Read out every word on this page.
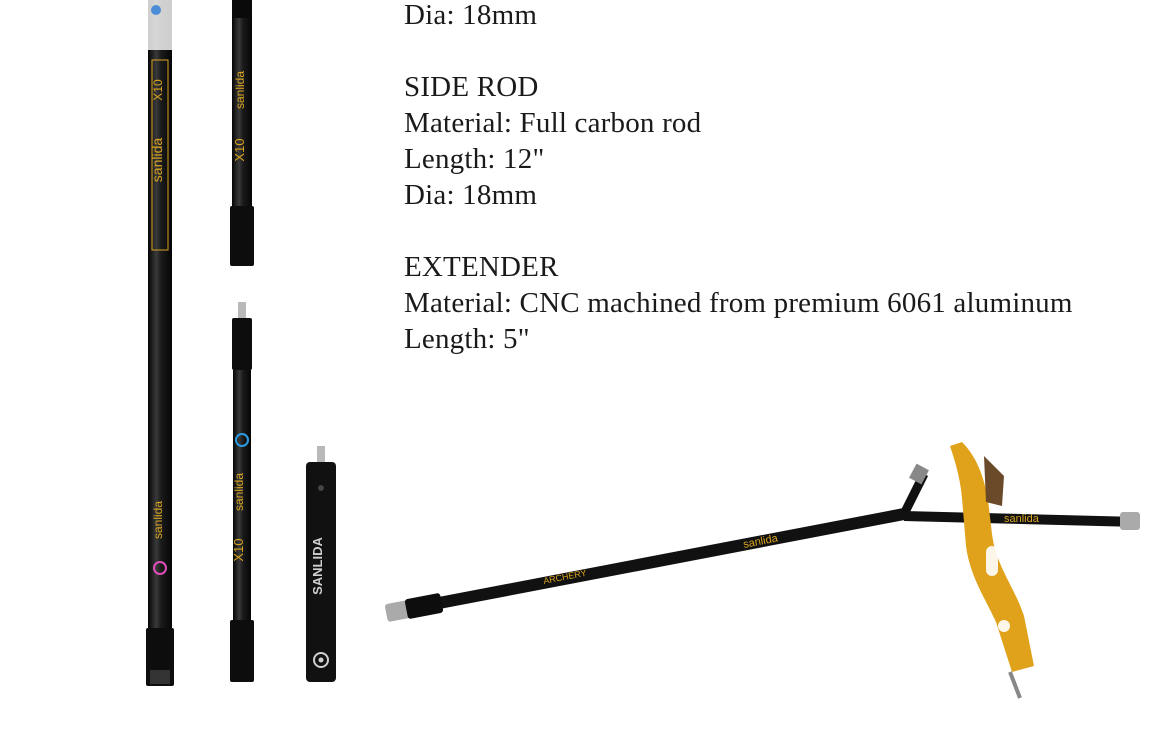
Dia: 18mm
SIDE ROD
Material: Full carbon rod
Length: 12"
Dia: 18mm
EXTENDER
Material: CNC machined from premium 6061 aluminum
Length: 5"
sanlida
X10
sanlida
sanlida
X10
sanlida
X10	SANLIDA	sanlida
ARCHERY
sanlida
